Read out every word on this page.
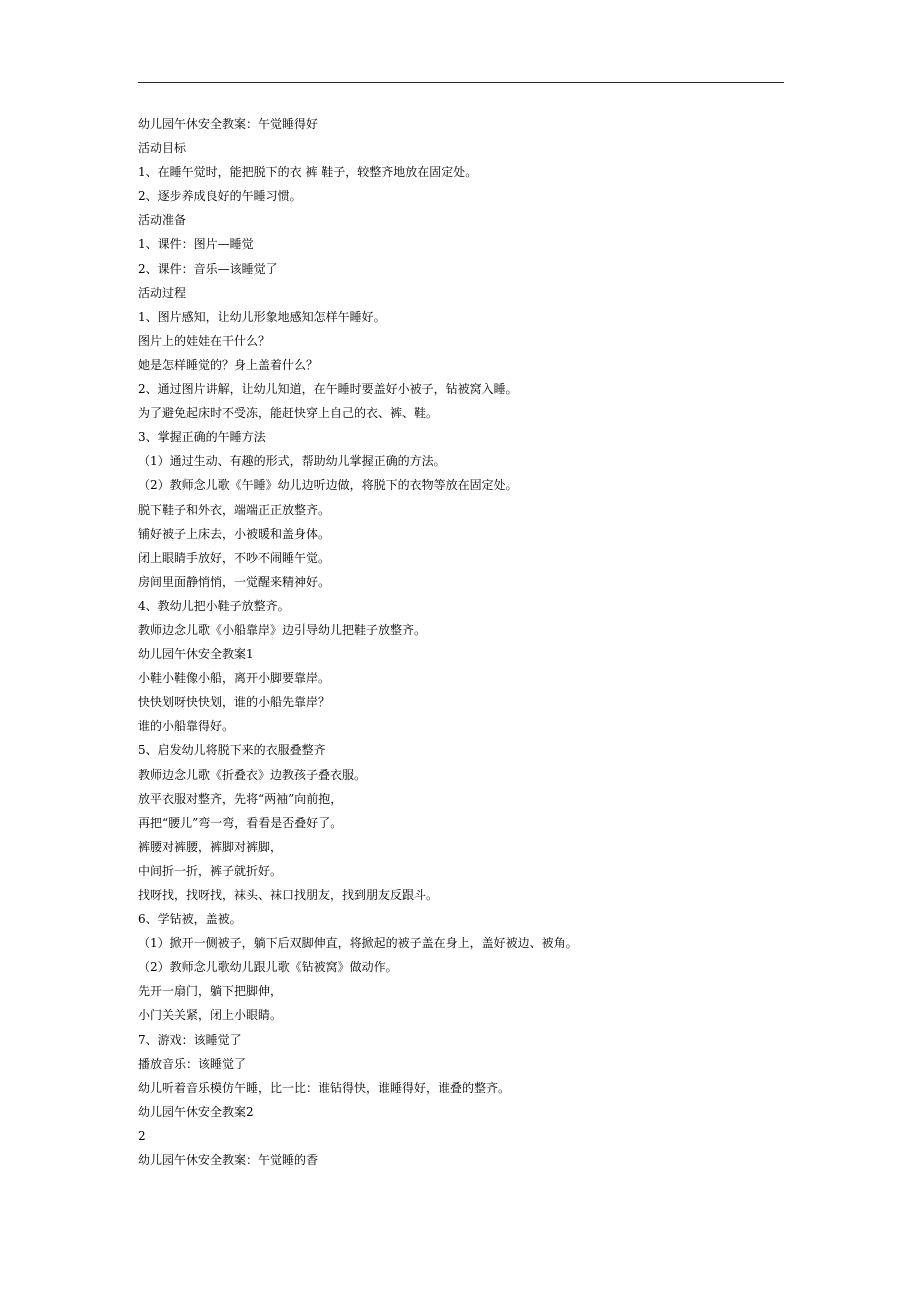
幼儿园午休安全教案：午觉睡得好
活动目标
1、在睡午觉时，能把脱下的衣 裤 鞋子，较整齐地放在固定处。
2、逐步养成良好的午睡习惯。
活动准备
1、课件：图片—睡觉
2、课件：音乐—该睡觉了
活动过程
1、图片感知，让幼儿形象地感知怎样午睡好。
图片上的娃娃在干什么？
她是怎样睡觉的？身上盖着什么？
2、通过图片讲解，让幼儿知道，在午睡时要盖好小被子，钻被窝入睡。
为了避免起床时不受冻，能赶快穿上自己的衣、裤、鞋。
3、掌握正确的午睡方法
（1）通过生动、有趣的形式，帮助幼儿掌握正确的方法。
（2）教师念儿歌《午睡》幼儿边听边做，将脱下的衣物等放在固定处。
脱下鞋子和外衣，端端正正放整齐。
铺好被子上床去，小被暖和盖身体。
闭上眼睛手放好，不吵不闹睡午觉。
房间里面静悄悄，一觉醒来精神好。
4、教幼儿把小鞋子放整齐。
教师边念儿歌《小船靠岸》边引导幼儿把鞋子放整齐。
幼儿园午休安全教案1
小鞋小鞋像小船，离开小脚要靠岸。
快快划呀快快划，谁的小船先靠岸？
谁的小船靠得好。
5、启发幼儿将脱下来的衣服叠整齐
教师边念儿歌《折叠衣》边教孩子叠衣服。
放平衣服对整齐，先将“两袖”向前抱，
再把“腰儿”弯一弯，看看是否叠好了。
裤腰对裤腰，裤脚对裤脚，
中间折一折，裤子就折好。
找呀找，找呀找，袜头、袜口找朋友，找到朋友反跟斗。
6、学钻被，盖被。
（1）掀开一侧被子，躺下后双脚伸直，将掀起的被子盖在身上，盖好被边、被角。
（2）教师念儿歌幼儿跟儿歌《钻被窝》做动作。
先开一扇门，躺下把脚伸，
小门关关紧，闭上小眼睛。
7、游戏：该睡觉了
播放音乐：该睡觉了
幼儿听着音乐模仿午睡，比一比：谁钻得快，谁睡得好，谁叠的整齐。
幼儿园午休安全教案2
2
幼儿园午休安全教案：午觉睡的香
